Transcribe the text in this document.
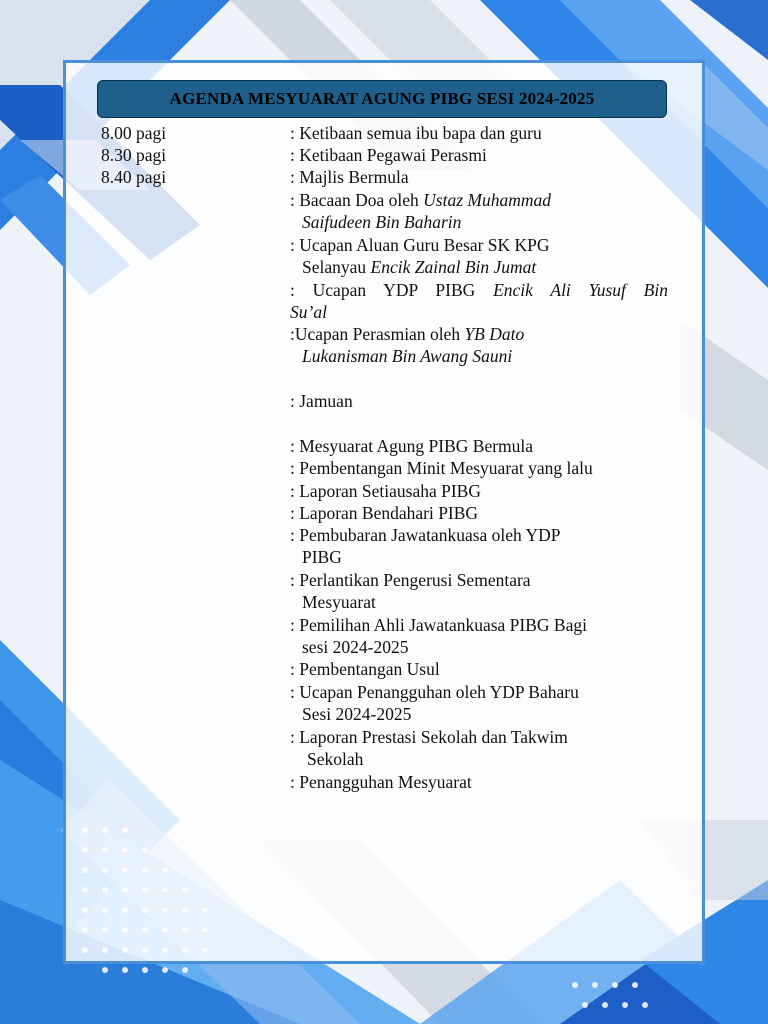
AGENDA MESYUARAT AGUNG PIBG SESI 2024-2025
8.00 pagi	: Ketibaan semua ibu bapa dan guru
8.30 pagi	: Ketibaan Pegawai Perasmi
8.40 pagi	: Majlis Bermula
: Bacaan Doa oleh Ustaz Muhammad
Saifudeen Bin Baharin
: Ucapan Aluan Guru Besar SK KPG
Selanyau Encik Zainal Bin Jumat
: Ucapan YDP PIBG Encik Ali Yusuf Bin
Su’al
:Ucapan Perasmian oleh YB Dato
Lukanisman Bin Awang Sauni
: Jamuan
: Mesyuarat Agung PIBG Bermula
: Pembentangan Minit Mesyuarat yang lalu
: Laporan Setiausaha PIBG
: Laporan Bendahari PIBG
: Pembubaran Jawatankuasa oleh YDP
PIBG
: Perlantikan Pengerusi Sementara
Mesyuarat
: Pemilihan Ahli Jawatankuasa PIBG Bagi
sesi 2024-2025
: Pembentangan Usul
: Ucapan Penangguhan oleh YDP Baharu
Sesi 2024-2025
: Laporan Prestasi Sekolah dan Takwim
Sekolah
: Penangguhan Mesyuarat
